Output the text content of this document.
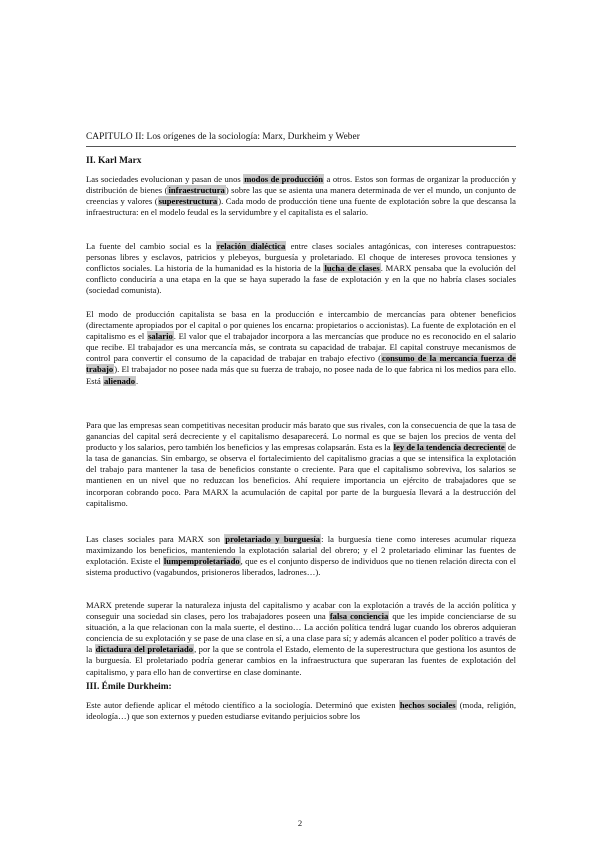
CAPITULO II: Los orígenes de la sociología: Marx, Durkheim y Weber
II. Karl Marx

Las sociedades evolucionan y pasan de unos modos de producción a otros. Estos son formas de organizar la producción y distribución de bienes (infraestructura) sobre las que se asienta una manera determinada de ver el mundo, un conjunto de creencias y valores (superestructura). Cada modo de producción tiene una fuente de explotación sobre la que descansa la infraestructura: en el modelo feudal es la servidumbre y el capitalista es el salario.

La fuente del cambio social es la relación dialéctica entre clases sociales antagónicas, con intereses contrapuestos: personas libres y esclavos, patricios y plebeyos, burguesía y proletariado. El choque de intereses provoca tensiones y conflictos sociales. La historia de la humanidad es la historia de la lucha de clases. MARX pensaba que la evolución del conflicto conduciría a una etapa en la que se haya superado la fase de explotación y en la que no habría clases sociales (sociedad comunista).

El modo de producción capitalista se basa en la producción e intercambio de mercancías para obtener beneficios (directamente apropiados por el capital o por quienes los encarna: propietarios o accionistas). La fuente de explotación en el capitalismo es el salario. El valor que el trabajador incorpora a las mercancías que produce no es reconocido en el salario que recibe. El trabajador es una mercancía más, se contrata su capacidad de trabajar. El capital construye mecanismos de control para convertir el consumo de la capacidad de trabajar en trabajo efectivo (consumo de la mercancía fuerza de trabajo). El trabajador no posee nada más que su fuerza de trabajo, no posee nada de lo que fabrica ni los medios para ello. Está alienado.

Para que las empresas sean competitivas necesitan producir más barato que sus rivales, con la consecuencia de que la tasa de ganancias del capital será decreciente y el capitalismo desaparecerá. Lo normal es que se bajen los precios de venta del producto y los salarios, pero también los beneficios y las empresas colapsarán. Esta es la ley de la tendencia decreciente de la tasa de ganancias. Sin embargo, se observa el fortalecimiento del capitalismo gracias a que se intensifica la explotación del trabajo para mantener la tasa de beneficios constante o creciente. Para que el capitalismo sobreviva, los salarios se mantienen en un nivel que no reduzcan los beneficios. Ahí requiere importancia un ejército de trabajadores que se incorporan cobrando poco. Para MARX la acumulación de capital por parte de la burguesía llevará a la destrucción del capitalismo.

Las clases sociales para MARX son proletariado y burguesía: la burguesía tiene como intereses acumular riqueza maximizando los beneficios, manteniendo la explotación salarial del obrero; y el 2 proletariado eliminar las fuentes de explotación. Existe el lumpemproletariado, que es el conjunto disperso de individuos que no tienen relación directa con el sistema productivo (vagabundos, prisioneros liberados, ladrones…).

MARX pretende superar la naturaleza injusta del capitalismo y acabar con la explotación a través de la acción política y conseguir una sociedad sin clases, pero los trabajadores poseen una falsa conciencia que les impide concienciarse de su situación, a la que relacionan con la mala suerte, el destino… La acción política tendrá lugar cuando los obreros adquieran conciencia de su explotación y se pase de una clase en sí, a una clase para sí; y además alcancen el poder político a través de la dictadura del proletariado, por la que se controla el Estado, elemento de la superestructura que gestiona los asuntos de la burguesía. El proletariado podría generar cambios en la infraestructura que superaran las fuentes de explotación del capitalismo, y para ello han de convertirse en clase dominante.

III. Émile Durkheim:

Este autor defiende aplicar el método científico a la sociología. Determinó que existen hechos sociales (moda, religión, ideología…) que son externos y pueden estudiarse evitando perjuicios sobre los

2
